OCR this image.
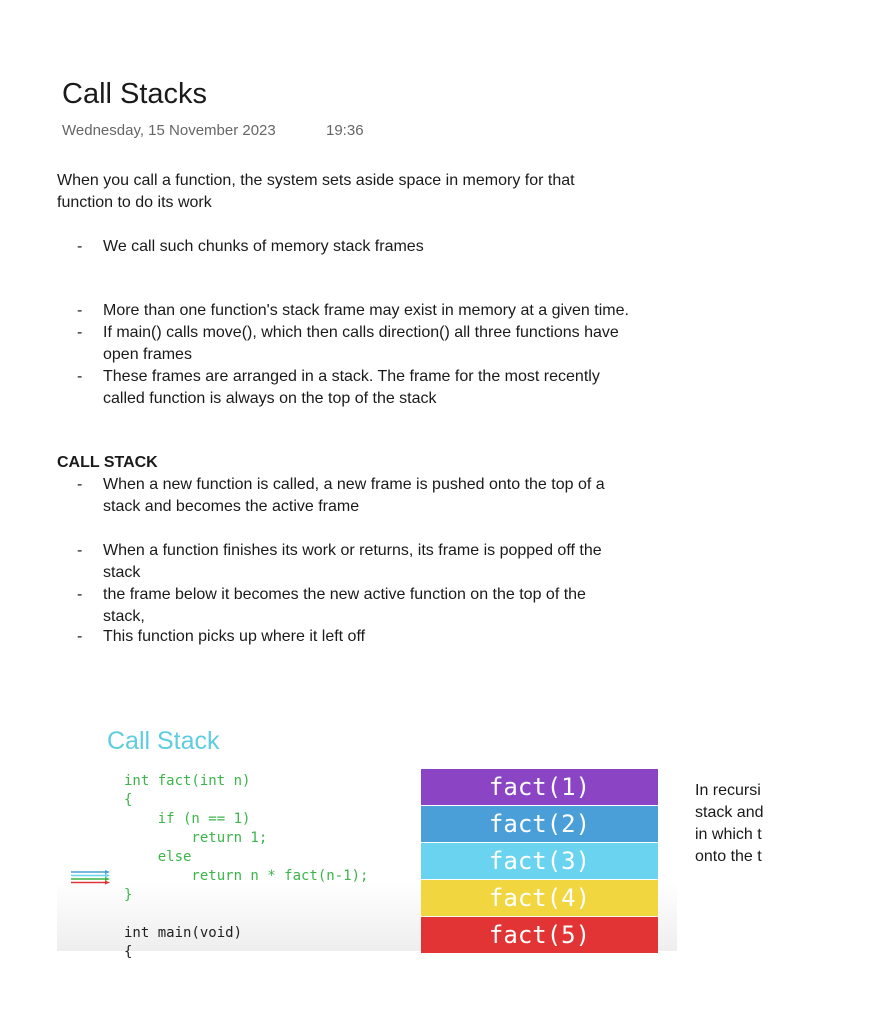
Call Stacks
Wednesday, 15 November 2023	19:36
When you call a function, the system sets aside space in memory for that
function to do its work
- We call such chunks of memory stack frames
- More than one function's stack frame may exist in memory at a given time.
- If main() calls move(), which then calls direction() all three functions have
open frames
- These frames are arranged in a stack. The frame for the most recently
called function is always on the top of the stack
CALL STACK
- When a new function is called, a new frame is pushed onto the top of a
stack and becomes the active frame
- When a function finishes its work or returns, its frame is popped off the
stack
- the frame below it becomes the new active function on the top of the
stack,
- This function picks up where it left off
Call Stack
int fact(int n)
{
if (n == 1)
return 1;
else
return n * fact(n-1);
}
int main(void)
{
fact(1)
fact(2)
fact(3)
fact(4)
fact(5)
In recursi
stack and
in which t
onto the t
